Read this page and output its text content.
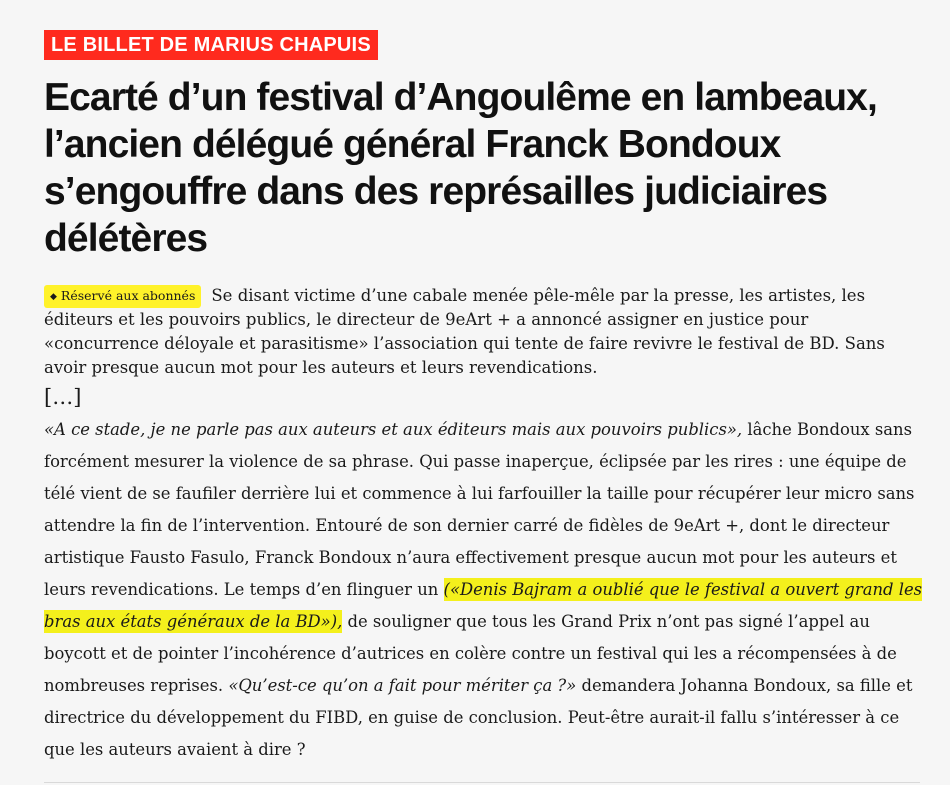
LE BILLET DE MARIUS CHAPUIS
Ecarté d’un festival d’Angoulême en lambeaux, l’ancien délégué général Franck Bondoux s’engouffre dans des représailles judiciaires délétères

◆ Réservé aux abonnés Se disant victime d’une cabale menée pêle-mêle par la presse, les artistes, les éditeurs et les pouvoirs publics, le directeur de 9eArt + a annoncé assigner en justice pour «concurrence déloyale et parasitisme» l’association qui tente de faire revivre le festival de BD. Sans avoir presque aucun mot pour les auteurs et leurs revendications.

[…]

«A ce stade, je ne parle pas aux auteurs et aux éditeurs mais aux pouvoirs publics», lâche Bondoux sans forcément mesurer la violence de sa phrase. Qui passe inaperçue, éclipsée par les rires : une équipe de télé vient de se faufiler derrière lui et commence à lui farfouiller la taille pour récupérer leur micro sans attendre la fin de l’intervention. Entouré de son dernier carré de fidèles de 9eArt +, dont le directeur artistique Fausto Fasulo, Franck Bondoux n’aura effectivement presque aucun mot pour les auteurs et leurs revendications. Le temps d’en flinguer un («Denis Bajram a oublié que le festival a ouvert grand les bras aux états généraux de la BD»), de souligner que tous les Grand Prix n’ont pas signé l’appel au boycott et de pointer l’incohérence d’autrices en colère contre un festival qui les a récompensées à de nombreuses reprises. «Qu’est-ce qu’on a fait pour mériter ça ?» demandera Johanna Bondoux, sa fille et directrice du développement du FIBD, en guise de conclusion. Peut-être aurait-il fallu s’intéresser à ce que les auteurs avaient à dire ?
